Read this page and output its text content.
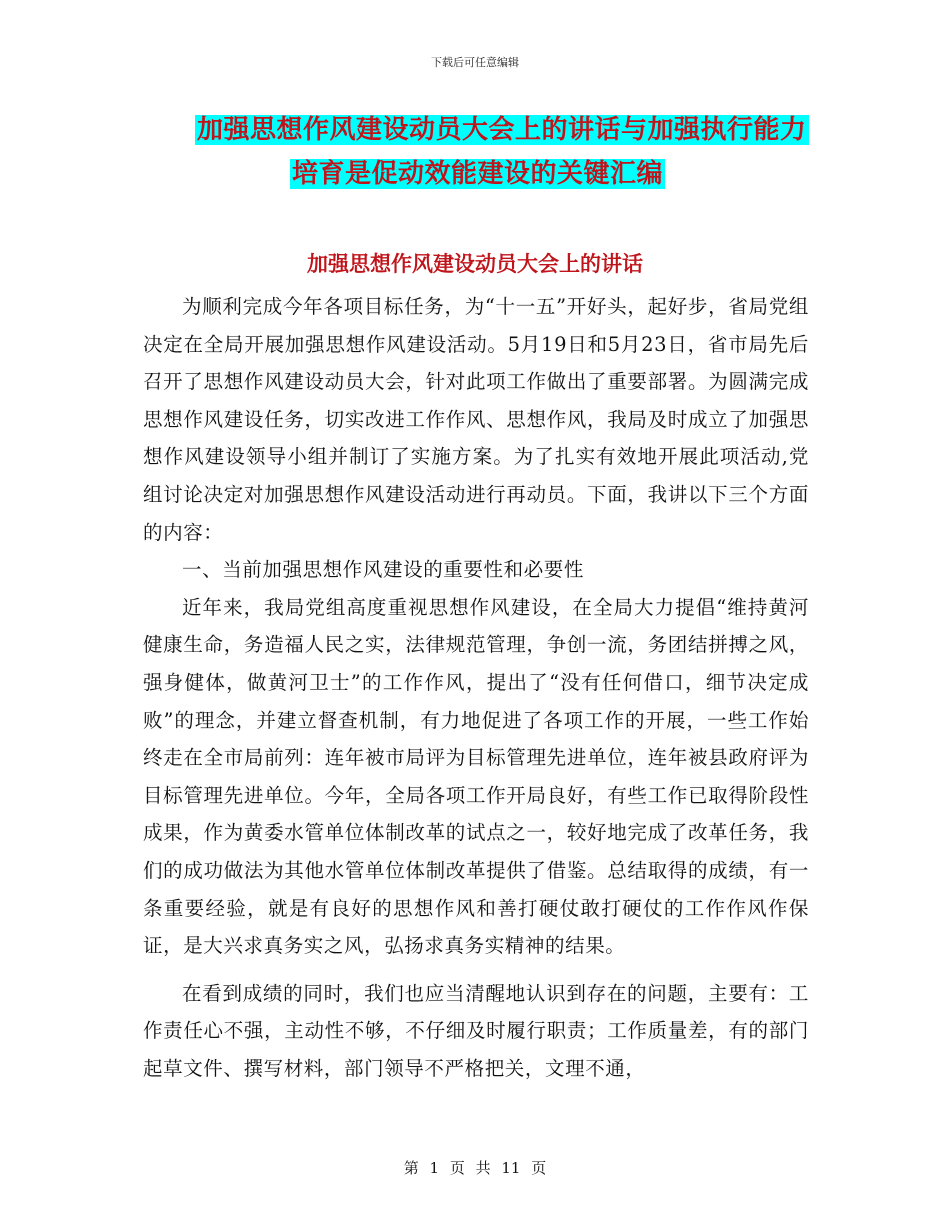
下载后可任意编辑
加强思想作风建设动员大会上的讲话与加强执行能力
培育是促动效能建设的关键汇编
加强思想作风建设动员大会上的讲话

为顺利完成今年各项目标任务，为“十一五”开好头，起好步，省局党组决定在全局开展加强思想作风建设活动。5月19日和5月23日，省市局先后召开了思想作风建设动员大会，针对此项工作做出了重要部署。为圆满完成思想作风建设任务，切实改进工作作风、思想作风，我局及时成立了加强思想作风建设领导小组并制订了实施方案。为了扎实有效地开展此项活动,党组讨论决定对加强思想作风建设活动进行再动员。下面，我讲以下三个方面的内容：

一、当前加强思想作风建设的重要性和必要性

近年来，我局党组高度重视思想作风建设，在全局大力提倡“维持黄河健康生命，务造福人民之实，法律规范管理，争创一流，务团结拼搏之风，强身健体，做黄河卫士”的工作作风，提出了“没有任何借口，细节决定成败”的理念，并建立督查机制，有力地促进了各项工作的开展，一些工作始终走在全市局前列：连年被市局评为目标管理先进单位，连年被县政府评为目标管理先进单位。今年，全局各项工作开局良好，有些工作已取得阶段性成果，作为黄委水管单位体制改革的试点之一，较好地完成了改革任务，我们的成功做法为其他水管单位体制改革提供了借鉴。总结取得的成绩，有一条重要经验，就是有良好的思想作风和善打硬仗敢打硬仗的工作作风作保证，是大兴求真务实之风，弘扬求真务实精神的结果。

在看到成绩的同时，我们也应当清醒地认识到存在的问题，主要有：工作责任心不强，主动性不够，不仔细及时履行职责；工作质量差，有的部门起草文件、撰写材料，部门领导不严格把关，文理不通，

第 1 页 共 11 页
